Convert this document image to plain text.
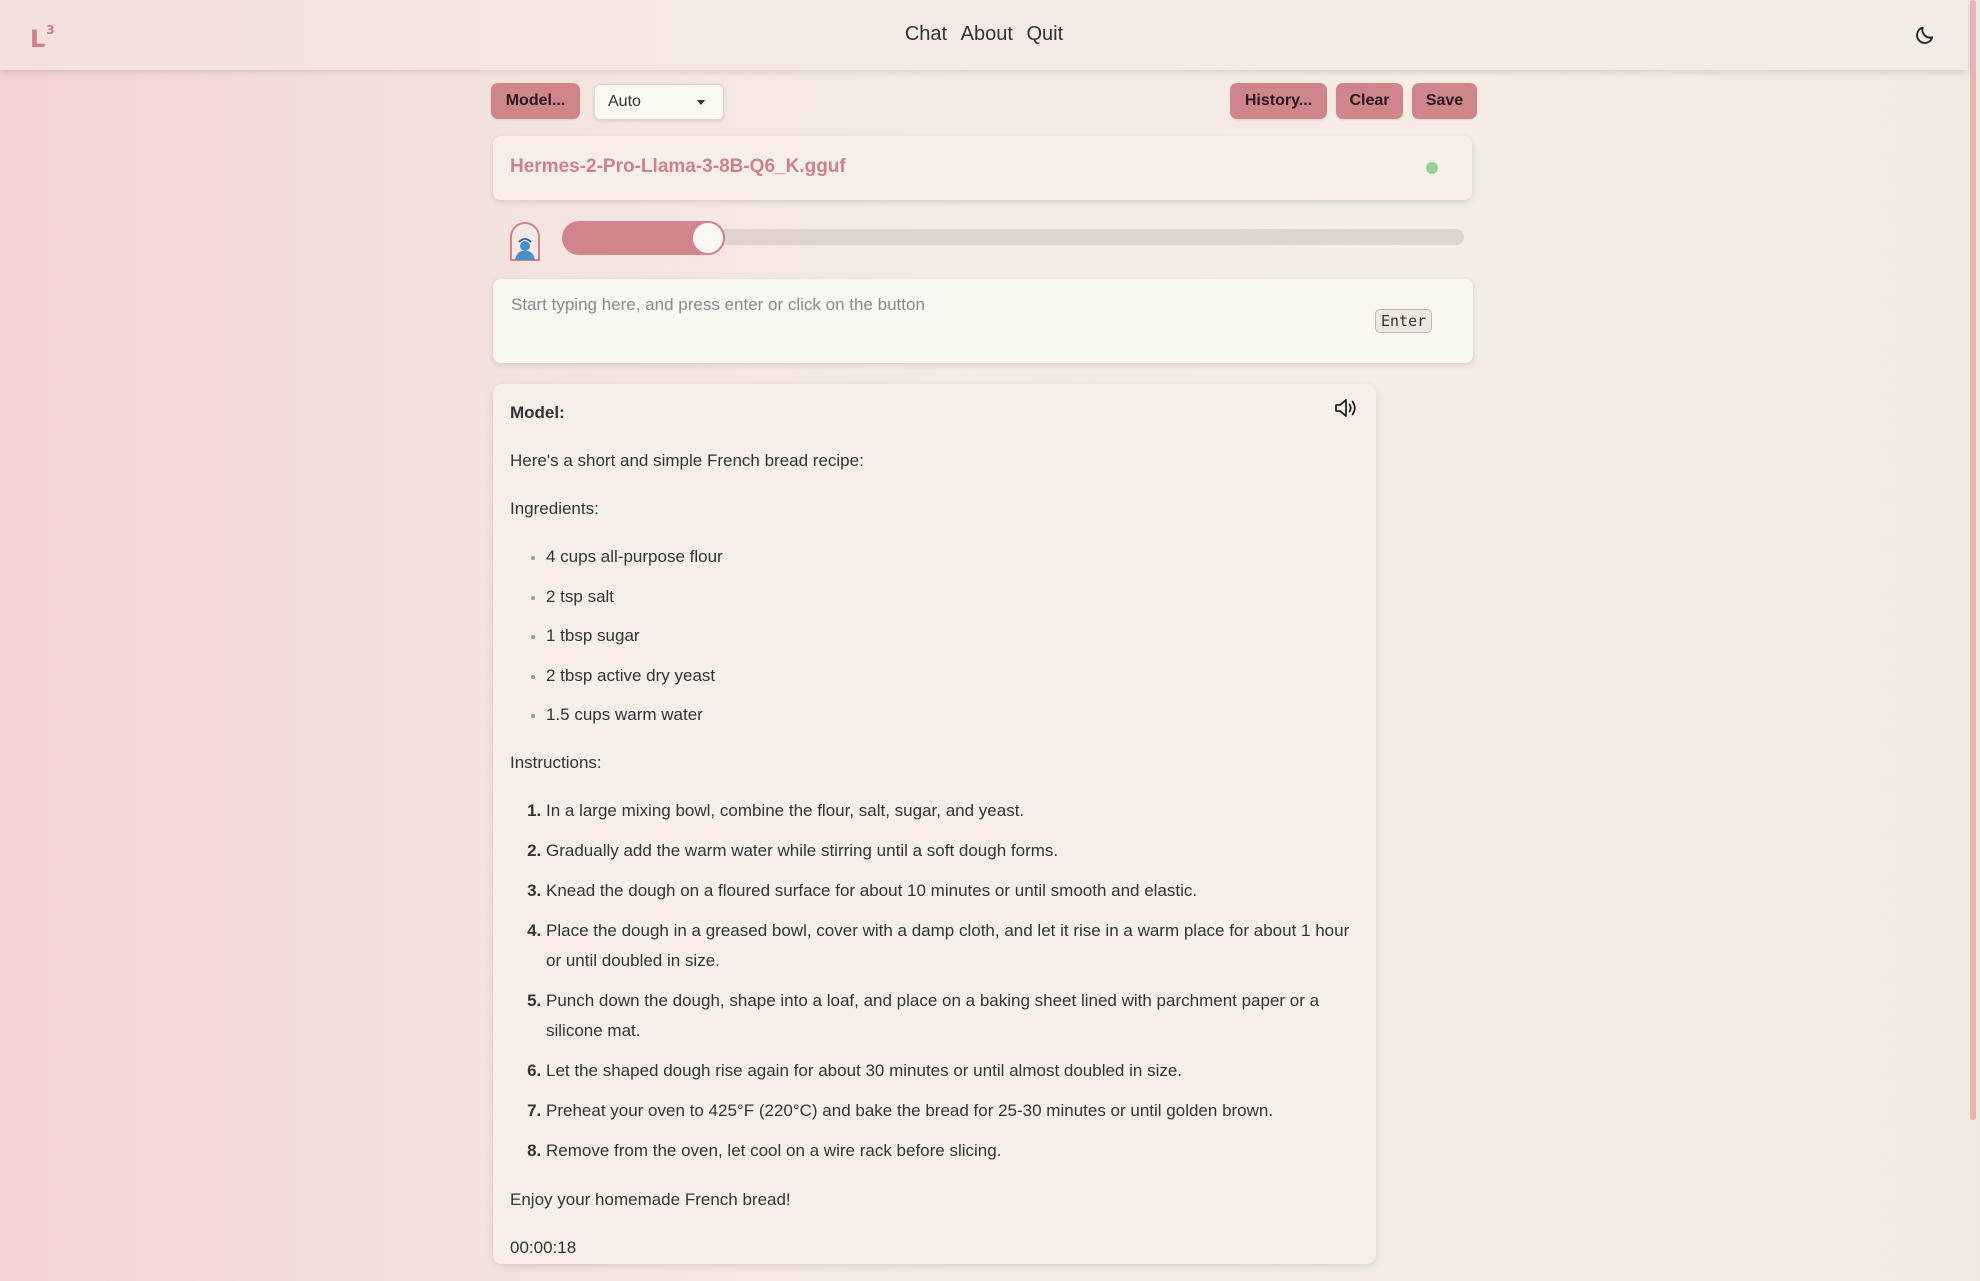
$L^3$	Chat About Quit
Model...	Auto	History...	Clear	Save
Hermes-2-Pro-Llama-3-8B-Q6_K.gguf
Start typing here, and press enter or click on the button
Enter

Model:

Here's a short and simple French bread recipe:

Ingredients:

• 4 cups all-purpose flour
• 2 tsp salt
• 1 tbsp sugar
• 2 tbsp active dry yeast
• 1.5 cups warm water

Instructions:

1. In a large mixing bowl, combine the flour, salt, sugar, and yeast.
2. Gradually add the warm water while stirring until a soft dough forms.
3. Knead the dough on a floured surface for about 10 minutes or until smooth and elastic.
4. Place the dough in a greased bowl, cover with a damp cloth, and let it rise in a warm place for about 1 hour or until doubled in size.
5. Punch down the dough, shape into a loaf, and place on a baking sheet lined with parchment paper or a silicone mat.
6. Let the shaped dough rise again for about 30 minutes or until almost doubled in size.
7. Preheat your oven to 425°F (220°C) and bake the bread for 25-30 minutes or until golden brown.
8. Remove from the oven, let cool on a wire rack before slicing.

Enjoy your homemade French bread!

00:00:18
